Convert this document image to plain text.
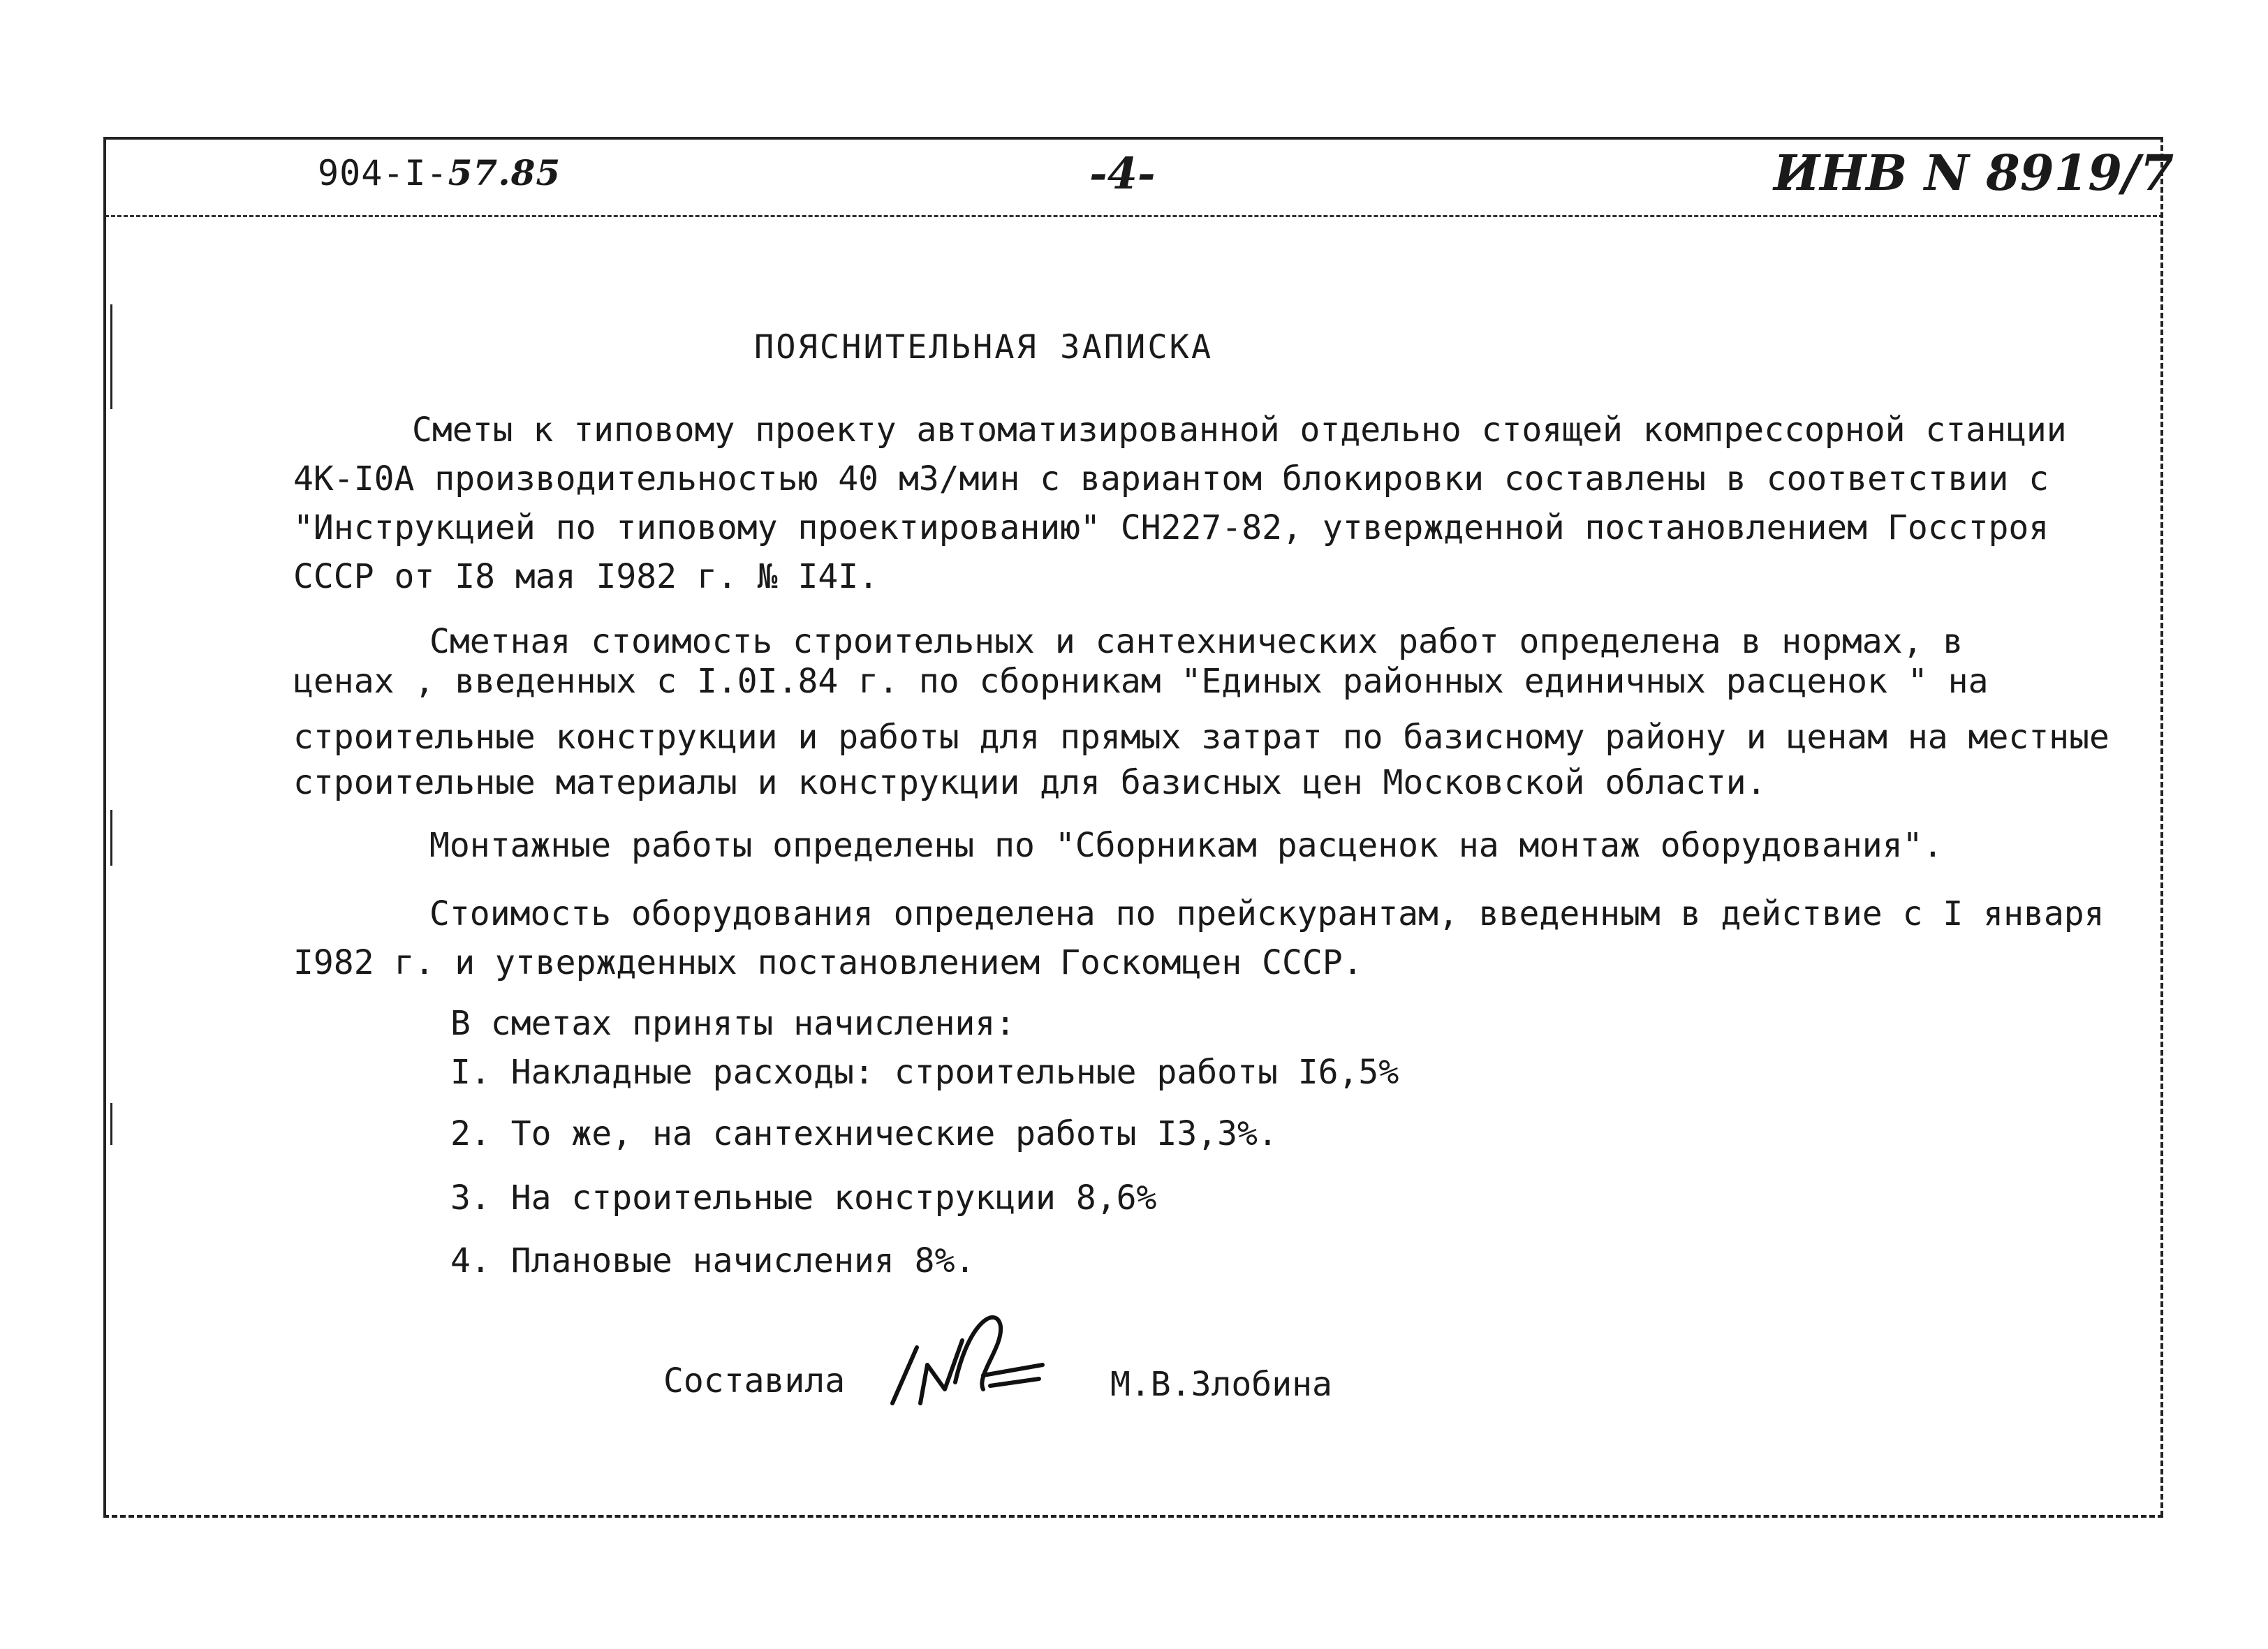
904-I-57.85	-4-	ИНВ N 8919/7
ПОЯСНИТЕЛЬНАЯ ЗАПИСКА
Сметы к типовому проекту автоматизированной отдельно стоящей компрессорной станции
4К-I0А производительностью 40 м3/мин с вариантом блокировки составлены в соответствии с
"Инструкцией по типовому проектированию" СН227-82, утвержденной постановлением Госстроя
СССР от I8 мая I982 г. № I4I.
Сметная стоимость строительных и сантехнических работ определена в нормах, в
ценах , введенных с I.0I.84 г. по сборникам "Единых районных единичных расценок " на
строительные конструкции и работы для прямых затрат по базисному району и ценам на местные
строительные материалы и конструкции для базисных цен Московской области.
Монтажные работы определены по "Сборникам расценок на монтаж оборудования".
Стоимость оборудования определена по прейскурантам, введенным в действие с I января
I982 г. и утвержденных постановлением Госкомцен СССР.
В сметах приняты начисления:
I. Накладные расходы: строительные работы I6,5%
2. То же, на сантехнические работы I3,3%.
3. На строительные конструкции 8,6%
4. Плановые начисления 8%.
Составила	М.В.Злобина
